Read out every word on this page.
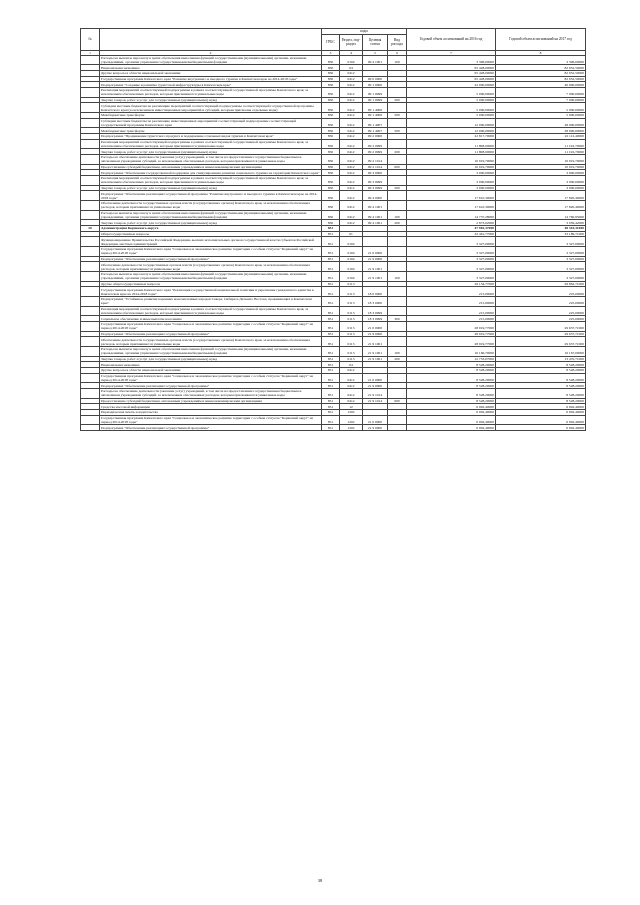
№		коды				Годовой объем ассигнований на 2016 год	Годовой объем ассигнований на 2017 год
		ГРБС	Раздел, под-раздел	Целевая статья	Вид расхода		
1	2	3	4	5	6	7	8
	Расходы на выплаты персоналу в целях обеспечения выполнения функций государственными (муниципальными) органами, казенными учреждениями, органами управления государственными внебюджетными фондами	850	0104	09 4 1001	100	3 396,00000	3 396,00000
	Национальная экономика	850	04			65 428,00000	82 952,50000
	Другие вопросы в области национальной экономики	850	0412			65 428,00000	82 952,50000
	Государственная программа Камчатского края "Развитие внутреннего и въездного туризма в Камчатском крае на 2014-2018 годы"	850	0412	09 0 0000		65 428,00000	82 952,50000
	Подпрограмма "Создание и развитие туристской инфраструктуры в Камчатском крае"	850	0412	09 1 0000		22 000,00000	40 000,00000
	Реализация мероприятий соответствующей подпрограммы в рамках соответствующей государственной программы Камчатского края, за исключением обеспеченных расходов, которым присваиваются уникальные коды	850	0412	09 1 0999		5 000,00000	7 000,00000
	Закупка товаров, работ и услуг для государственных (муниципальных) нужд	850	0412	09 1 0999	200	5 000,00000	7 000,00000
	Субсидии местным бюджетам на реализацию мероприятий соответствующей подпрограммы соответствующей государственной программы Камчатского края (за исключением инвестиционных мероприятий и субсидий, которым присвоены отдельные коды)	850	0412	09 1 4006		5 000,00000	5 000,00000
	Межбюджетные трансферты	850	0412	09 1 4006	500	5 000,00000	5 000,00000
	Субсидии местным бюджетам на реализацию инвестиционных мероприятий соответствующей подпрограммы соответствующей государственной программы Камчатского края	850	0412	09 1 4007		12 000,00000	28 000,00000
	Межбюджетные трансферты	850	0412	09 1 4007	500	12 000,00000	28 000,00000
	Подпрограмма "Продвижение туристского продукта и поддержание отдельных видов туризма в Камчатском крае"	850	0412	09 2 0000		22 817,70000	22 112,40000
	Реализация мероприятий соответствующей подпрограммы в рамках соответствующей государственной программы Камчатского края, за исключением обеспеченных расходов, которым присваиваются уникальные коды	850	0412	09 2 0999		11 898,00000	11 192,70000
	Закупка товаров, работ и услуг для государственных (муниципальных) нужд	850	0412	09 2 0999	200	11 898,00000	11 192,70000
	Расходы на обеспечение деятельности (оказание услуг) учреждений, в том числе на предоставление государственным бюджетным и автономным учреждениям субсидий, за исключением обеспеченных расходов, которым присваиваются уникальные коды	850	0412	09 2 1014		10 919,70000	10 919,70000
	Предоставление субсидий бюджетным, автономным учреждениям и иным некоммерческим организациям	850	0412	09 2 1014	600	10 919,70000	10 919,70000
	Подпрограмма "Обеспечение государственной поддержки для стимулирования развития социального туризма на территории Камчатского края"	850	0412	09 3 0000		3 000,00000	3 000,00000
	Реализация мероприятий соответствующей подпрограммы в рамках соответствующей государственной программы Камчатского края, за исключением обеспеченных расходов, которым присваиваются уникальные коды	850	0412	09 3 0999		3 000,00000	3 000,00000
	Закупка товаров, работ и услуг для государственных (муниципальных) нужд	850	0412	09 3 0999	200	3 000,00000	3 000,00000
	Подпрограмма "Обеспечение реализации государственной программы "Развитие внутреннего и въездного туризма в Камчатском крае на 2014-2018 годы"	850	0412	09 4 0000		17 610,30000	17 820,40000
	Обеспечение деятельности государственных органов власти (государственных органов) Камчатского края, за исключением обеспеченных расходов, которым присваиваются уникальные коды	850	0412	09 4 1001		17 610,30000	17 820,40000
	Расходы на выплаты персоналу в целях обеспечения выполнения функций государственными (муниципальными) органами, казенными учреждениями, органами управления государственными внебюджетными фондами	850	0412	09 4 1001	100	14 737,28000	14 760,95000
	Закупка товаров, работ и услуг для государственных (муниципальных) нужд	850	0412	09 4 1001	200	2 873,02000	3 059,42000
20	Администрация Корякского округа	851				47 902,37000	48 310,31000
	Общегосударственные вопросы	851	01			32 461,77000	33 189,71000
	Функционирование Правительства Российской Федерации, высших исполнительных органов государственной власти субъектов Российской Федерации, местных администраций	851	0104			3 327,00000	3 327,00000
	Государственная программа Камчатского края "Социальное и экономическое развитие территории с особым статусом "Корякский округ" на период 2014-2018 годы"	851	0104	21 0 0000		3 327,00000	3 327,00000
	Подпрограмма "Обеспечение реализации государственной программы"	851	0104	21 9 0000		3 327,00000	3 327,00000
	Обеспечение деятельности государственных органов власти (государственных органов) Камчатского края, за исключением обеспеченных расходов, которым присваиваются уникальные коды	851	0104	21 9 1001		3 327,00000	3 327,00000
	Расходы на выплаты персоналу в целях обеспечения выполнения функций государственными (муниципальными) органами, казенными учреждениями, органами управления государственными внебюджетными фондами	851	0104	21 9 1001	100	3 327,00000	3 327,00000
	Другие общегосударственные вопросы	851	0113			29 134,77000	29 862,71000
	Государственная программа Камчатского края "Реализация государственной национальной политики и укрепление гражданского единства в Камчатском крае на 2014-2018 годы"	851	0113	18 0 0000		215,00000	225,00000
	Подпрограмма "Устойчивое развитие коренных малочисленных народов Севера, Сибири и Дальнего Востока, проживающих в Камчатском крае"	851	0113	18 3 0000		215,00000	225,00000
	Реализация мероприятий соответствующей подпрограммы в рамках соответствующей государственной программы Камчатского края, за исключением обеспеченных расходов, которым присваиваются уникальные коды	851	0113	18 3 0999		215,00000	225,00000
	Социальное обеспечение и иные выплаты населению	851	0113	18 3 0999	300	215,00000	225,00000
	Государственная программа Камчатского края "Социальное и экономическое развитие территории с особым статусом "Корякский округ" на период 2014-2018 годы"	851	0113	21 0 0000		28 919,77000	29 637,71000
	Подпрограмма "Обеспечение реализации государственной программы"	851	0113	21 9 0000		28 919,77000	29 637,71000
	Обеспечение деятельности государственных органов власти (государственных органов) Камчатского края, за исключением обеспеченных расходов, которым присваиваются уникальные коды	851	0113	21 9 1001		28 919,77000	29 637,71000
	Расходы на выплаты персоналу в целях обеспечения выполнения функций государственными (муниципальными) органами, казенными учреждениями, органами управления государственными внебюджетными фондами	851	0113	21 9 1001	100	16 166,70000	16 167,00000
	Закупка товаров, работ и услуг для государственных (муниципальных) нужд	851	0113	21 9 1001	200	12 753,07000	13 470,71000
	Национальная экономика	851	04			8 528,20000	8 528,20000
	Другие вопросы в области национальной экономики	851	0412			8 528,20000	8 528,20000
	Государственная программа Камчатского края "Социальное и экономическое развитие территории с особым статусом "Корякский округ" на период 2014-2018 годы"	851	0412	21 0 0000		8 528,20000	8 528,20000
	Подпрограмма "Обеспечение реализации государственной программы"	851	0412	21 9 0000		8 528,20000	8 528,20000
	Расходы на обеспечение деятельности (оказание услуг) учреждений, в том числе на предоставление государственным бюджетным и автономным учреждениям субсидий, за исключением обеспеченных расходов, которым присваиваются уникальные коды	851	0412	21 9 1014		8 528,20000	8 528,20000
	Предоставление субсидий бюджетным, автономным учреждениям и иным некоммерческим организациям	851	0412	21 9 1014	600	8 528,20000	8 528,20000
	Средства массовой информации	851	12			6 992,40000	6 992,40000
	Периодическая печать и издательства	851	1202			6 992,40000	6 992,40000
	Государственная программа Камчатского края "Социальное и экономическое развитие территории с особым статусом "Корякский округ" на период 2014-2018 годы"	851	1202	21 0 0000		6 992,40000	6 992,40000
	Подпрограмма "Обеспечение реализации государственной программы"	851	1202	21 9 0000		6 992,40000	6 992,40000
38
